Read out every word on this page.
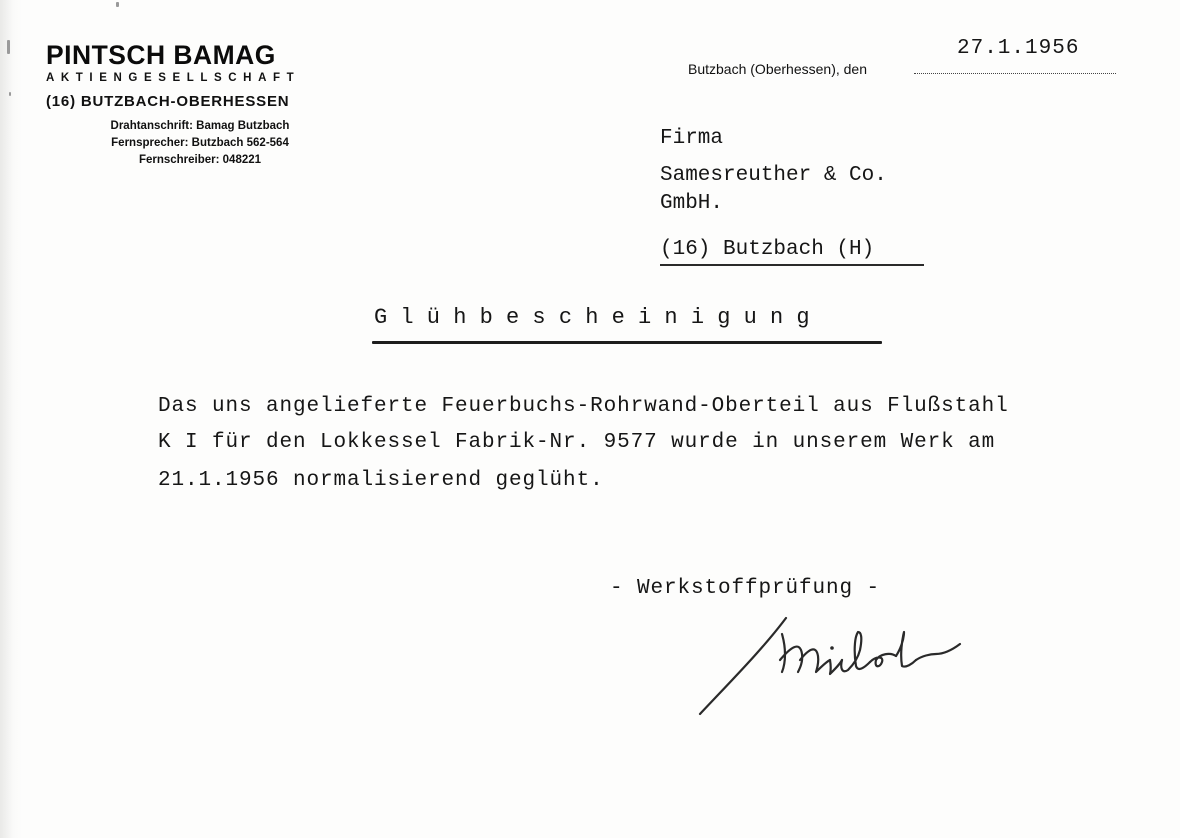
PINTSCH BAMAG
AKTIENGESELLSCHAFT
(16) BUTZBACH-OBERHESSEN
Drahtanschrift: Bamag Butzbach
Fernsprecher: Butzbach 562-564
Fernschreiber: 048221
Butzbach (Oberhessen), den
27.1.1956
Firma
Samesreuther & Co.
GmbH.
(16) Butzbach (H)
Glühbescheinigung
Das uns angelieferte Feuerbuchs-Rohrwand-Oberteil aus Flußstahl
K I für den Lokkessel Fabrik-Nr. 9577 wurde in unserem Werk am
21.1.1956 normalisierend geglüht.
- Werkstoffprüfung -
